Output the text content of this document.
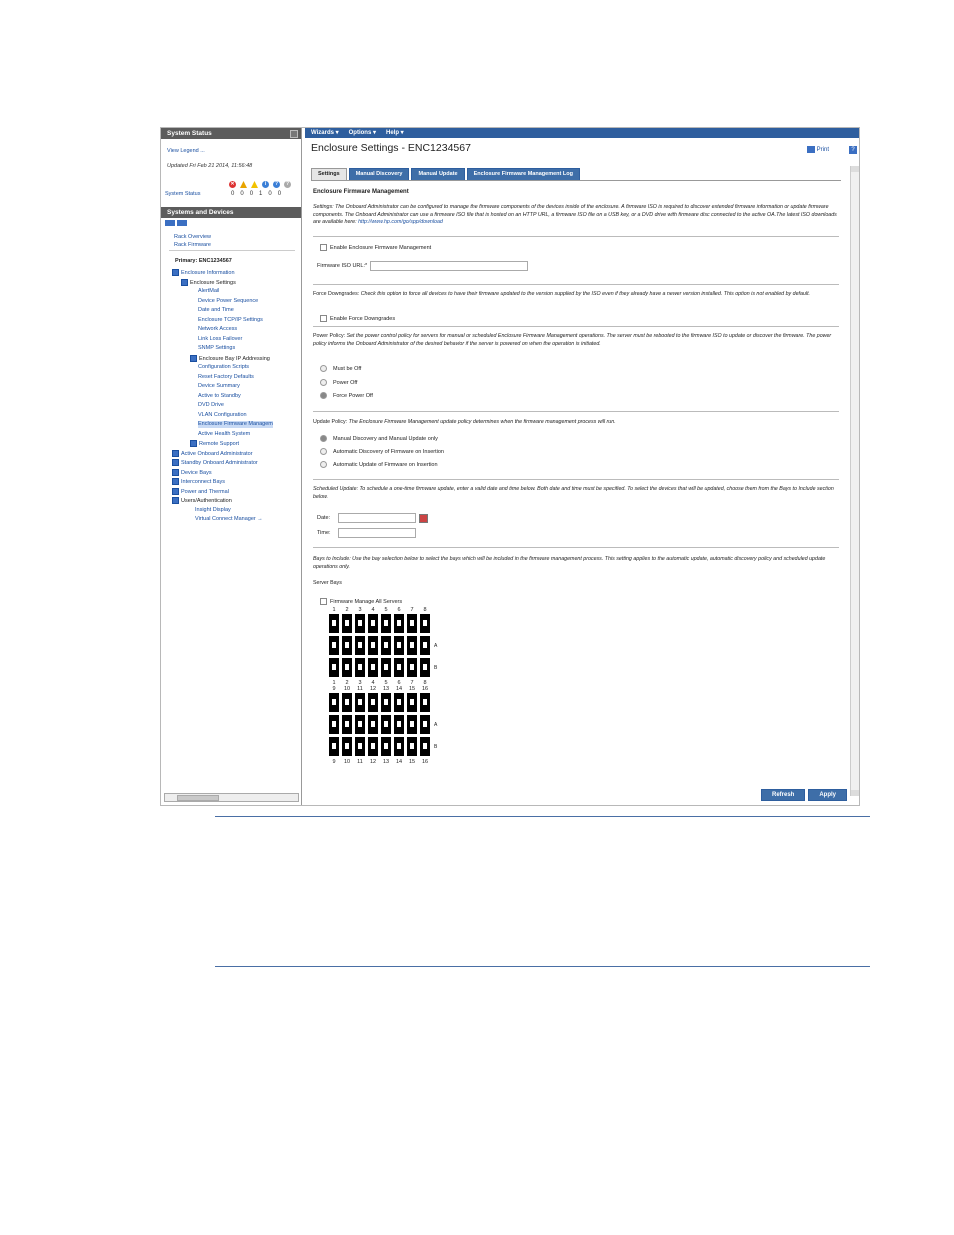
System Status
View Legend ...
Updated Fri Feb 21 2014, 11:56:48
✕	i	?	?
System Status	0 0 0 1 0 0
Systems and Devices
Rack Overview
Rack Firmware
Primary: ENC1234567
Enclosure Information
Enclosure Settings
AlertMail
Device Power Sequence
Date and Time
Enclosure TCP/IP Settings
Network Access
Link Loss Failover
SNMP Settings
Enclosure Bay IP Addressing
Configuration Scripts
Reset Factory Defaults
Device Summary
Active to Standby
DVD Drive
VLAN Configuration
Enclosure Firmware Managem
Active Health System
Remote Support
Active Onboard Administrator
Standby Onboard Administrator
Device Bays
Interconnect Bays
Power and Thermal
Users/Authentication
Insight Display
Virtual Connect Manager →
Wizards ▾ Options ▾ Help ▾
Enclosure Settings - ENC1234567	Print	?
Settings	Manual Discovery	Manual Update	Enclosure Firmware Management Log
Enclosure Firmware Management
Settings: The Onboard Administrator can be configured to manage the firmware components of the devices inside of the enclosure. A firmware ISO is required to discover extended firmware information or update firmware components. The Onboard Administrator can use a firmware ISO file that is hosted on an HTTP URL, a firmware ISO file on a USB key, or a DVD drive with firmware disc connected to the active OA.The latest ISO downloads are available here: http://www.hp.com/go/spp/download
Enable Enclosure Firmware Management
Firmware ISO URL:*
Force Downgrades: Check this option to force all devices to have their firmware updated to the version supplied by the ISO even if they already have a newer version installed. This option is not enabled by default.
Enable Force Downgrades
Power Policy: Set the power control policy for servers for manual or scheduled Enclosure Firmware Management operations. The server must be rebooted to the firmware ISO to update or discover the firmware. The power policy informs the Onboard Administrator of the desired behavior if the server is powered on when the operation is initiated.
Must be Off
Power Off
Force Power Off
Update Policy: The Enclosure Firmware Management update policy determines when the firmware management process will run.
Manual Discovery and Manual Update only
Automatic Discovery of Firmware on Insertion
Automatic Update of Firmware on Insertion
Scheduled Update: To schedule a one-time firmware update, enter a valid date and time below. Both date and time must be specified. To select the devices that will be updated, choose them from the Bays to Include section below.
Date:
Time:
Bays to Include: Use the bay selection below to select the bays which will be included in the firmware management process. This setting applies to the automatic update, automatic discovery policy and scheduled update operations only.
Server Bays
Firmware Manage All Servers
1	2	3	4	5	6	7	8
A
B
1	2	3	4	5	6	7	8
9	10	11	12	13	14	15	16
A
B
9	10	11	12	13	14	15	16
Refresh	Apply
